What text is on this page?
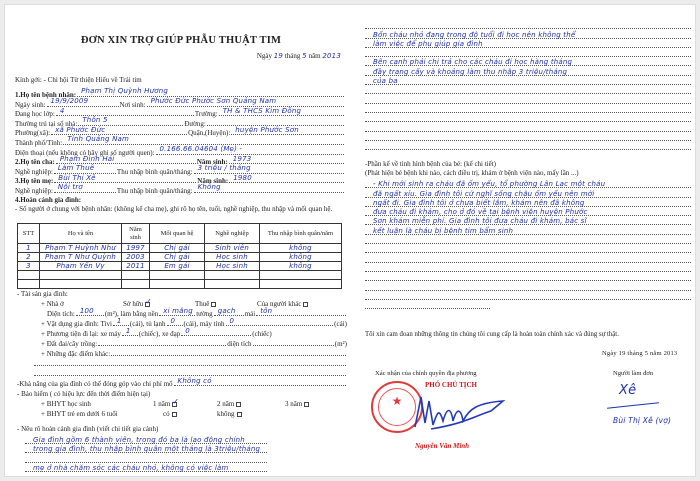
ĐƠN XIN TRỢ GIÚP PHẪU THUẬT TIM
Ngày 19 tháng 5 năm 2013
Kính gởi: - Chi hội Từ thiện Hiểu về Trái tim
1.Họ tên bệnh nhân: Phạm Thị Quỳnh Hương
Ngày sinh: 19/9/2009	Nơi sinh: Phước Đức Phước Sơn Quảng Nam
Đang học lớp: 4	Trường: TH & THCS Kim Đồng
Thường trú tại số nhà: Thôn 5	Đường:
Phường(xã): xã Phước Đức	Quận,(Huyện): huyện Phước Sơn
Thành phố/Tỉnh: Tỉnh Quảng Nam
Điện thoại (nếu không có hãy ghi số người quen): 0.166.66.04604 (Mẹ) -
2.Họ tên cha: Phạm Đình Hải	Năm sinh: 1973
Nghề nghiệp: Làm Thuê	Thu nhập bình quân/tháng: 3 triệu / tháng
3.Họ tên mẹ: Bùi Thị Xê	Năm sinh: 1980
Nghề nghiệp: Nội trợ	Thu nhập bình quân/tháng: Không
4.Hoàn cảnh gia đình:
- Số người ở chung với bệnh nhân: (không kể cha mẹ), ghi rõ họ tên, tuổi, nghề nghiệp, thu nhập và mối quan hệ.
STT	Họ và tên	Năm sinh	Mối quan hệ	Nghề nghiệp	Thu nhập bình quân/năm
1	Phạm T Huỳnh Như	1997	Chị gái	Sinh viên	không
2	Phạm T Như Quỳnh	2003	Chị gái	Học sinh	không
3	Phạm Yến Vy	2011	Em gái	Học sinh	không

- Tài sản gia đình:
+ Nhà ở	Sở hữu ✓	Thuê	Của người khác
Diện tích: 100 (m²), làm bằng nền xi măng tường gạch mái tôn
+ Vật dụng gia đình: Tivi 1 (cái), tủ lạnh 0 (cái), máy tính 0	(cái)
+ Phương tiện đi lại: xe máy 1 (chiếc), xe đạp 0	(chiếc)
+ Đất đai/cây trồng:	diện tích	(m²)
+ Những đặc điểm khác:
-Khả năng của gia đình có thể đóng góp vào chi phí mổ Không có
- Bảo hiểm ( có hiệu lực đến thời điểm hiện tại)
+ BHYT học sinh	1 năm ✓	2 năm	3 năm
+ BHYT trẻ em dưới 6 tuổi	có	không
- Nêu rõ hoàn cảnh gia đình (viết chi tiết gia cảnh)
Gia đình gồm 6 thành viên, trong đó ba là lao động chính
trong gia đình, thu nhập bình quân một tháng là 3triệu/tháng
mẹ ở nhà chăm sóc các cháu nhỏ, không có việc làm
Bốn cháu nhỏ đang trong độ tuổi đi học nên không thể
làm việc để phụ giúp gia đình
Bên cạnh phải chi trả cho các cháu đi học hàng tháng
đầy trang cấy và khoảng làm thu nhập 3 triệu/tháng
của ba
-Phần kể về tình hình bệnh của bé: (kể chi tiết)
(Phát hiện bé bệnh khi nào, cách điều trị, khám ở bệnh viện nào, mấy lần ...)
- Khi mới sinh ra cháu đã ốm yếu, tổ phường Lân Lạc một cháu
đã ngất xỉu. Gia đình tôi cứ nghĩ sống chậu ốm yếu nên mới
ngất đi. Gia đình tôi ở chưa biết lắm, khám nên đã không
đưa cháu đi khám, cho ở đó về tại bệnh viện huyện Phước
Sơn khám miễn phí. Gia đình tôi đưa cháu đi khám, bác sĩ
kết luận là cháu bị bệnh tim bẩm sinh
Tôi xin cam đoan những thông tin chúng tôi cung cấp là hoàn toàn chính xác và đúng sự thật.
Ngày 19 tháng 5 năm 2013
Xác nhận của chính quyền địa phương
★
PHÓ CHỦ TỊCH
Nguyễn Văn Minh
Người làm đơn
Xê
Bùi Thị Xê (vợ)
